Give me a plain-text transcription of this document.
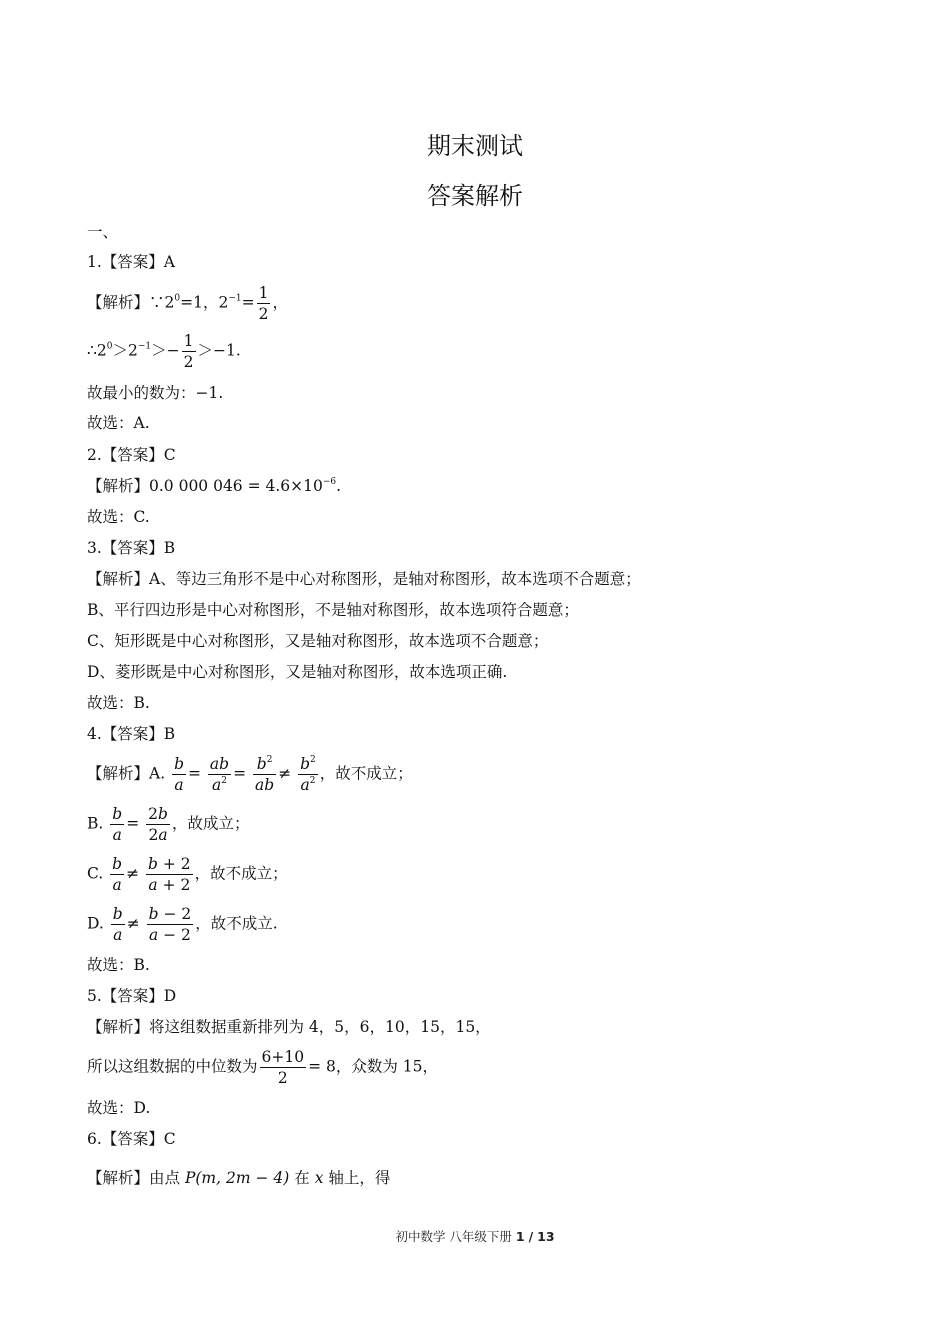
期末测试
答案解析
一、
1.【答案】A
【解析】$\because 2^0=1$，$2^{-1}= \frac{1}{2}$ ，
$\therefore 2^0>2^{-1}>- \frac{1}{2} >-1$.
故最小的数为：−1.
故选：A.
2.【答案】C
【解析】0.0 000 $046 = 4.6\times 10^{-6}$.
故选：C.
3.【答案】B
【解析】A、等边三角形不是中心对称图形，是轴对称图形，故本选项不合题意；
B、平行四边形是中心对称图形，不是轴对称图形，故本选项符合题意；
C、矩形既是中心对称图形，又是轴对称图形，故本选项不合题意；
D、菱形既是中心对称图形，又是轴对称图形，故本选项正确.
故选：B.
4.【答案】B
【解析】A. $\frac{b}{a} = \frac{ab}{a^2} = \frac{b^2}{ab} \ne \frac{b^2}{a^2}$ ，故不成立；
B. $\frac{b}{a} = \frac{2b}{2a}$ ，故成立；
C. $\frac{b}{a} \ne \frac{b + 2}{a + 2}$ ，故不成立；
D. $\frac{b}{a} \ne \frac{b - 2}{a - 2}$ ，故不成立.
故选：B.
5.【答案】D
【解析】将这组数据重新排列为 4，5，6，10，15，15，
所以这组数据的中位数为 $\frac{6+10}{2} = 8$，众数为 15，
故选：D.
6.【答案】C
【解析】由点 P(m, 2m − 4) 在 x 轴上，得
初中数学 八年级下册 1 / 13
